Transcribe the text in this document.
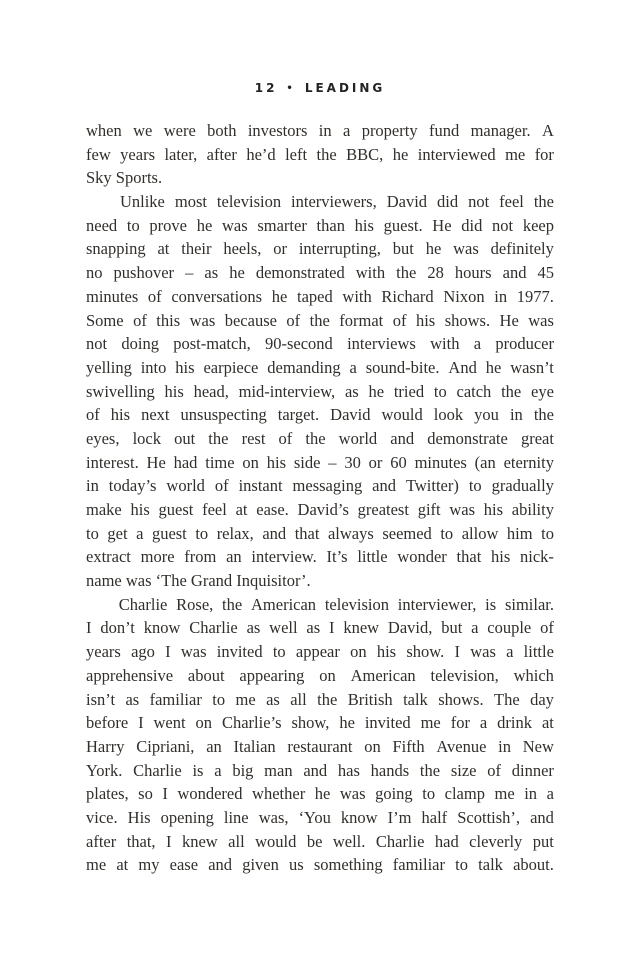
12 • LEADING
when we were both investors in a property fund manager. A
few years later, after he’d left the BBC, he interviewed me for
Sky Sports.
Unlike most television interviewers, David did not feel the
need to prove he was smarter than his guest. He did not keep
snapping at their heels, or interrupting, but he was definitely
no pushover – as he demonstrated with the 28 hours and 45
minutes of conversations he taped with Richard Nixon in 1977.
Some of this was because of the format of his shows. He was
not doing post-match, 90-second interviews with a producer
yelling into his earpiece demanding a sound-bite. And he wasn’t
swivelling his head, mid-interview, as he tried to catch the eye
of his next unsuspecting target. David would look you in the
eyes, lock out the rest of the world and demonstrate great
interest. He had time on his side – 30 or 60 minutes (an eternity
in today’s world of instant messaging and Twitter) to gradually
make his guest feel at ease. David’s greatest gift was his ability
to get a guest to relax, and that always seemed to allow him to
extract more from an interview. It’s little wonder that his nick-
name was ‘The Grand Inquisitor’.
Charlie Rose, the American television interviewer, is similar.
I don’t know Charlie as well as I knew David, but a couple of
years ago I was invited to appear on his show. I was a little
apprehensive about appearing on American television, which
isn’t as familiar to me as all the British talk shows. The day
before I went on Charlie’s show, he invited me for a drink at
Harry Cipriani, an Italian restaurant on Fifth Avenue in New
York. Charlie is a big man and has hands the size of dinner
plates, so I wondered whether he was going to clamp me in a
vice. His opening line was, ‘You know I’m half Scottish’, and
after that, I knew all would be well. Charlie had cleverly put
me at my ease and given us something familiar to talk about.
